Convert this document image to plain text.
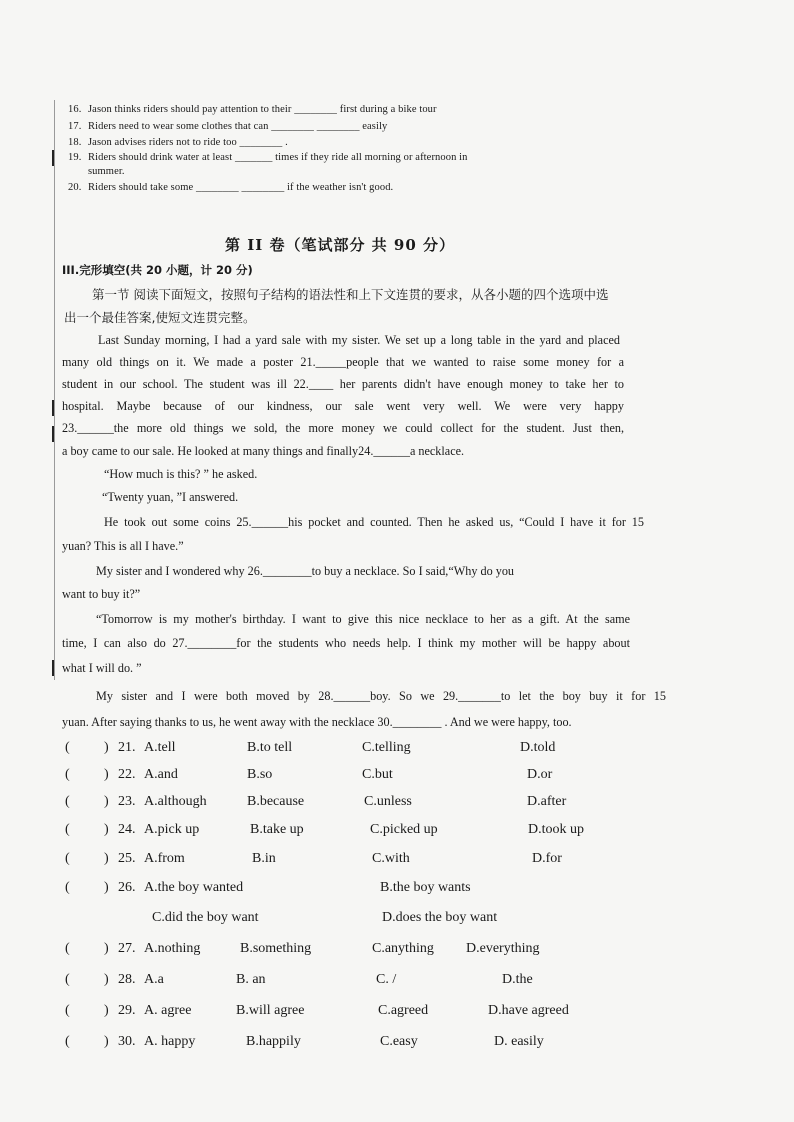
16. Jason thinks riders should pay attention to their ________ first during a bike tour
17. Riders need to wear some clothes that can ________ ________ easily
18. Jason advises riders not to ride too ________ .
19. Riders should drink water at least _______ times if they ride all morning or afternoon in
summer.
20. Riders should take some ________ ________ if the weather isn't good.
第 II 卷（笔试部分 共 90 分）
III.完形填空(共 20 小题，计 20 分)
第一节 阅读下面短文，按照句子结构的语法性和上下文连贯的要求，从各小题的四个选项中选
出一个最佳答案,使短文连贯完整。
Last Sunday morning, I had a yard sale with my sister. We set up a long table in the yard and placed
many old things on it. We made a poster 21._____people that we wanted to raise some money for a
student in our school. The student was ill 22.____ her parents didn't have enough money to take her to
hospital. Maybe because of our kindness, our sale went very well. We were very happy
23.______the more old things we sold, the more money we could collect for the student. Just then,
a boy came to our sale. He looked at many things and finally24.______a necklace.
“How much is this? ” he asked.
“Twenty yuan, ”I answered.
He took out some coins 25.______his pocket and counted. Then he asked us, “Could I have it for 15
yuan? This is all I have.”
My sister and I wondered why 26.________to buy a necklace. So I said,“Why do you
want to buy it?”
“Tomorrow is my mother's birthday. I want to give this nice necklace to her as a gift. At the same
time, I can also do 27.________for the students who needs help. I think my mother will be happy about
what I will do. ”
My sister and I were both moved by 28.______boy. So we 29._______to let the boy buy it for 15
yuan. After saying thanks to us, he went away with the necklace 30.________ . And we were happy, too.
( ) 21. A.tell	B.to tell	C.telling	D.told
( ) 22. A.and	B.so	C.but	D.or
( ) 23. A.although	B.because	C.unless	D.after
( ) 24. A.pick up	B.take up	C.picked up	D.took up
( ) 25. A.from	B.in	C.with	D.for
( ) 26. A.the boy wanted	B.the boy wants
C.did the boy want	D.does the boy want
( ) 27. A.nothing	B.something	C.anything D.everything
( ) 28. A.a	B. an	C. /	D.the
( ) 29. A. agree	B.will agree	C.agreed	D.have agreed
( ) 30. A. happy	B.happily	C.easy	D. easily
